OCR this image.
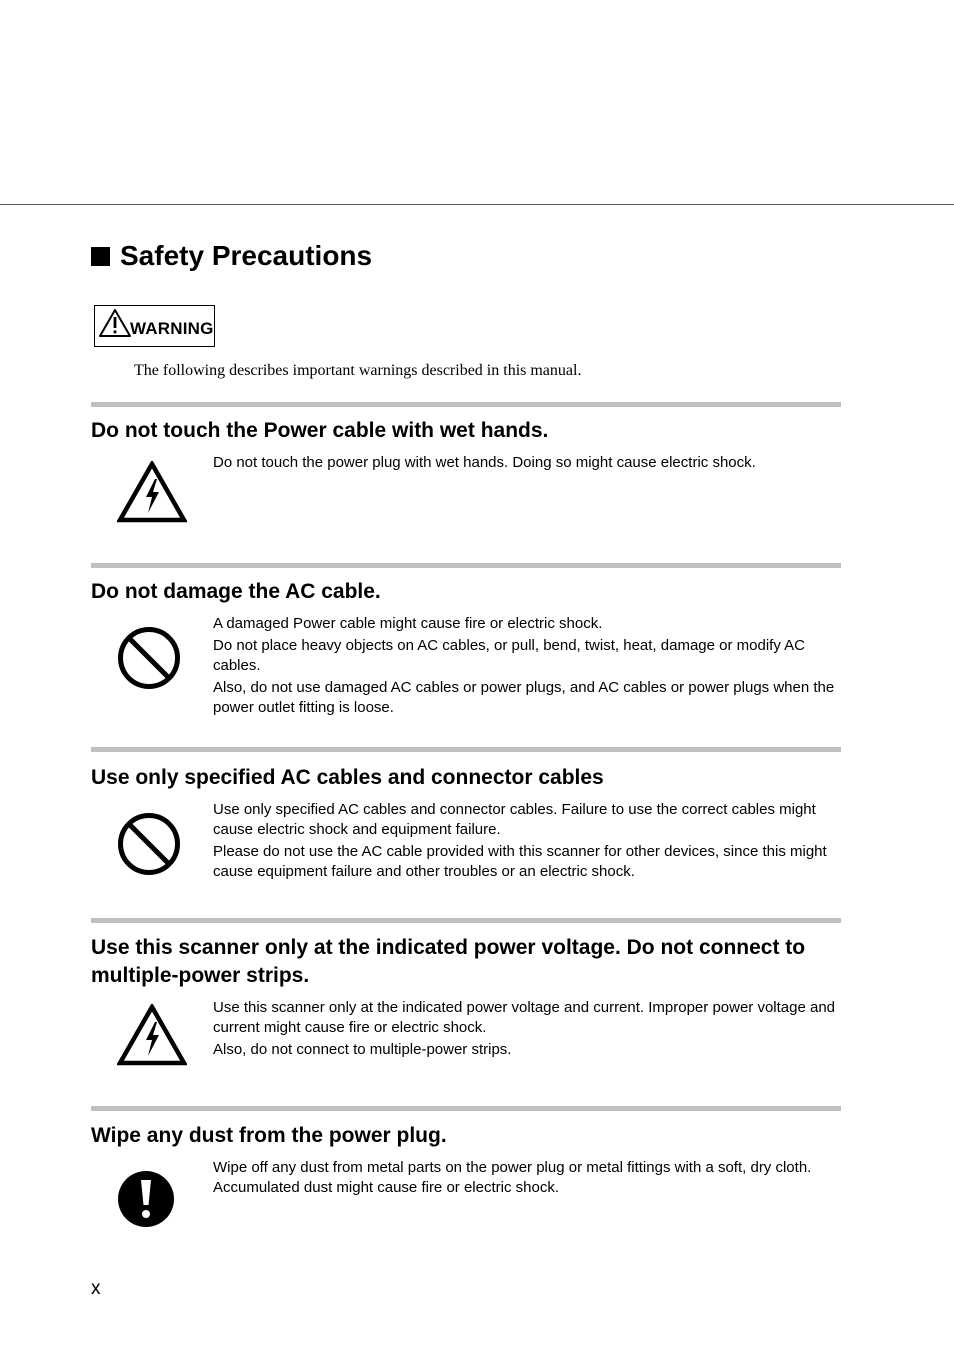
Safety Precautions
WARNING
The following describes important warnings described in this manual.
Do not touch the Power cable with wet hands.

Do not touch the power plug with wet hands. Doing so might cause electric shock.

Do not damage the AC cable.

A damaged Power cable might cause fire or electric shock.

Do not place heavy objects on AC cables, or pull, bend, twist, heat, damage or modify AC cables.

Also, do not use damaged AC cables or power plugs, and AC cables or power plugs when the power outlet fitting is loose.

Use only specified AC cables and connector cables

Use only specified AC cables and connector cables. Failure to use the correct cables might cause electric shock and equipment failure.

Please do not use the AC cable provided with this scanner for other devices, since this might cause equipment failure and other troubles or an electric shock.

Use this scanner only at the indicated power voltage. Do not connect to multiple-power strips.

Use this scanner only at the indicated power voltage and current. Improper power voltage and current might cause fire or electric shock.

Also, do not connect to multiple-power strips.

Wipe any dust from the power plug.

Wipe off any dust from metal parts on the power plug or metal fittings with a soft, dry cloth. Accumulated dust might cause fire or electric shock.

x
